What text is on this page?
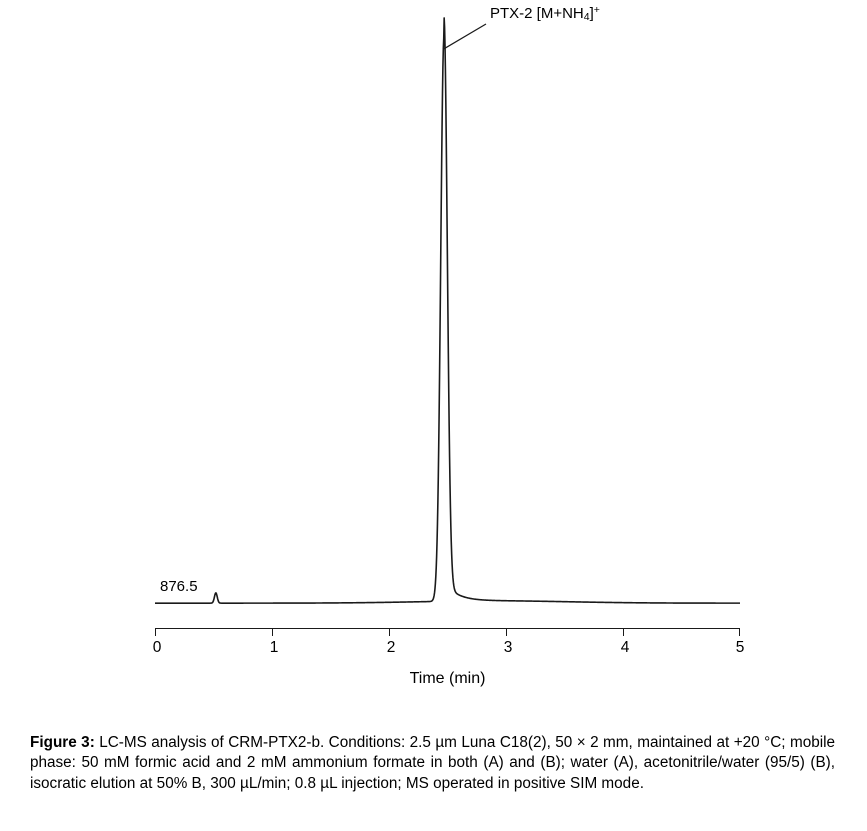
PTX-2 $[M+NH_4]^+$
876.5
0	1	2	3	4	5
Time (min)
Figure 3: LC-MS analysis of CRM-PTX2-b. Conditions: 2.5 µm Luna C18(2), 50 × 2 mm, maintained at +20 °C; mobile phase: 50 mM formic acid and 2 mM ammonium formate in both (A) and (B); water (A), acetonitrile/water (95/5) (B), isocratic elution at 50% B, 300 µL/min; 0.8 µL injection; MS operated in positive SIM mode.
